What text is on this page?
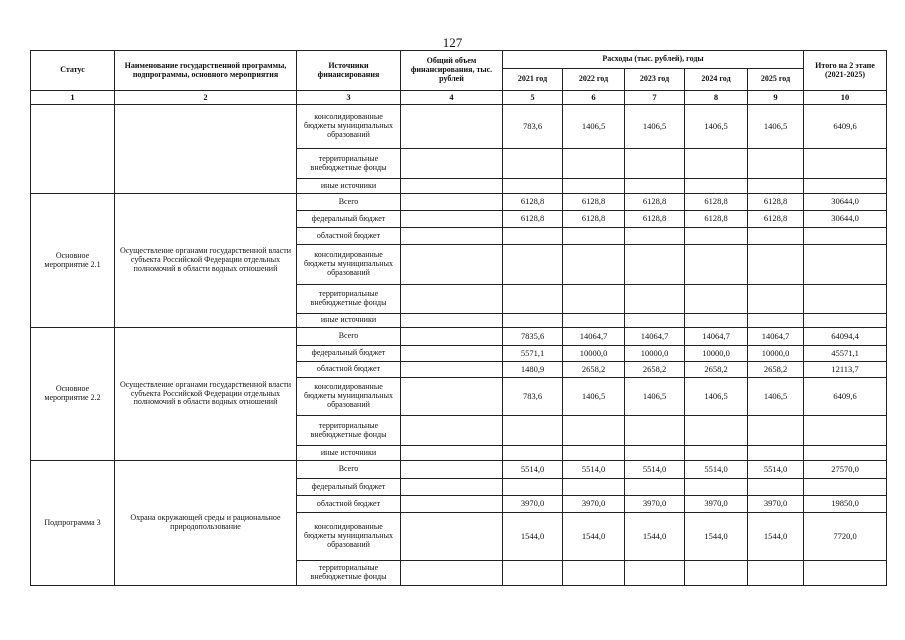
127
Статус	Наименование государственной программы, подпрограммы, основного мероприятия	Источники финансирования	Общий объем финансирования, тыс. рублей	Расходы (тыс. рублей), годы					Итого на 2 этапе (2021-2025)
				2021 год	2022 год	2023 год	2024 год	2025 год	
1	2	3	4	5	6	7	8	9	10
		консолидированные бюджеты муниципальных образований		783,6	1406,5	1406,5	1406,5	1406,5	6409,6
		территориальные внебюджетные фонды							
		иные источники							
Основное мероприятие 2.1	Осуществление органами государственной власти субъекта Российской Федерации отдельных полномочий в области водных отношений	Всего		6128,8	6128,8	6128,8	6128,8	6128,8	30644,0
		федеральный бюджет		6128,8	6128,8	6128,8	6128,8	6128,8	30644,0
		областной бюджет							
		консолидированные бюджеты муниципальных образований							
		территориальные внебюджетные фонды							
		иные источники							
Основное мероприятие 2.2	Осуществление органами государственной власти субъекта Российской Федерации отдельных полномочий в области водных отношений	Всего		7835,6	14064,7	14064,7	14064,7	14064,7	64094,4
		федеральный бюджет		5571,1	10000,0	10000,0	10000,0	10000,0	45571,1
		областной бюджет		1480,9	2658,2	2658,2	2658,2	2658,2	12113,7
		консолидированные бюджеты муниципальных образований		783,6	1406,5	1406,5	1406,5	1406,5	6409,6
		территориальные внебюджетные фонды							
		иные источники							
Подпрограмма 3	Охрана окружающей среды и рациональное природопользование	Всего		5514,0	5514,0	5514,0	5514,0	5514,0	27570,0
		федеральный бюджет							
		областной бюджет		3970,0	3970,0	3970,0	3970,0	3970,0	19850,0
		консолидированные бюджеты муниципальных образований		1544,0	1544,0	1544,0	1544,0	1544,0	7720,0
		территориальные внебюджетные фонды							
